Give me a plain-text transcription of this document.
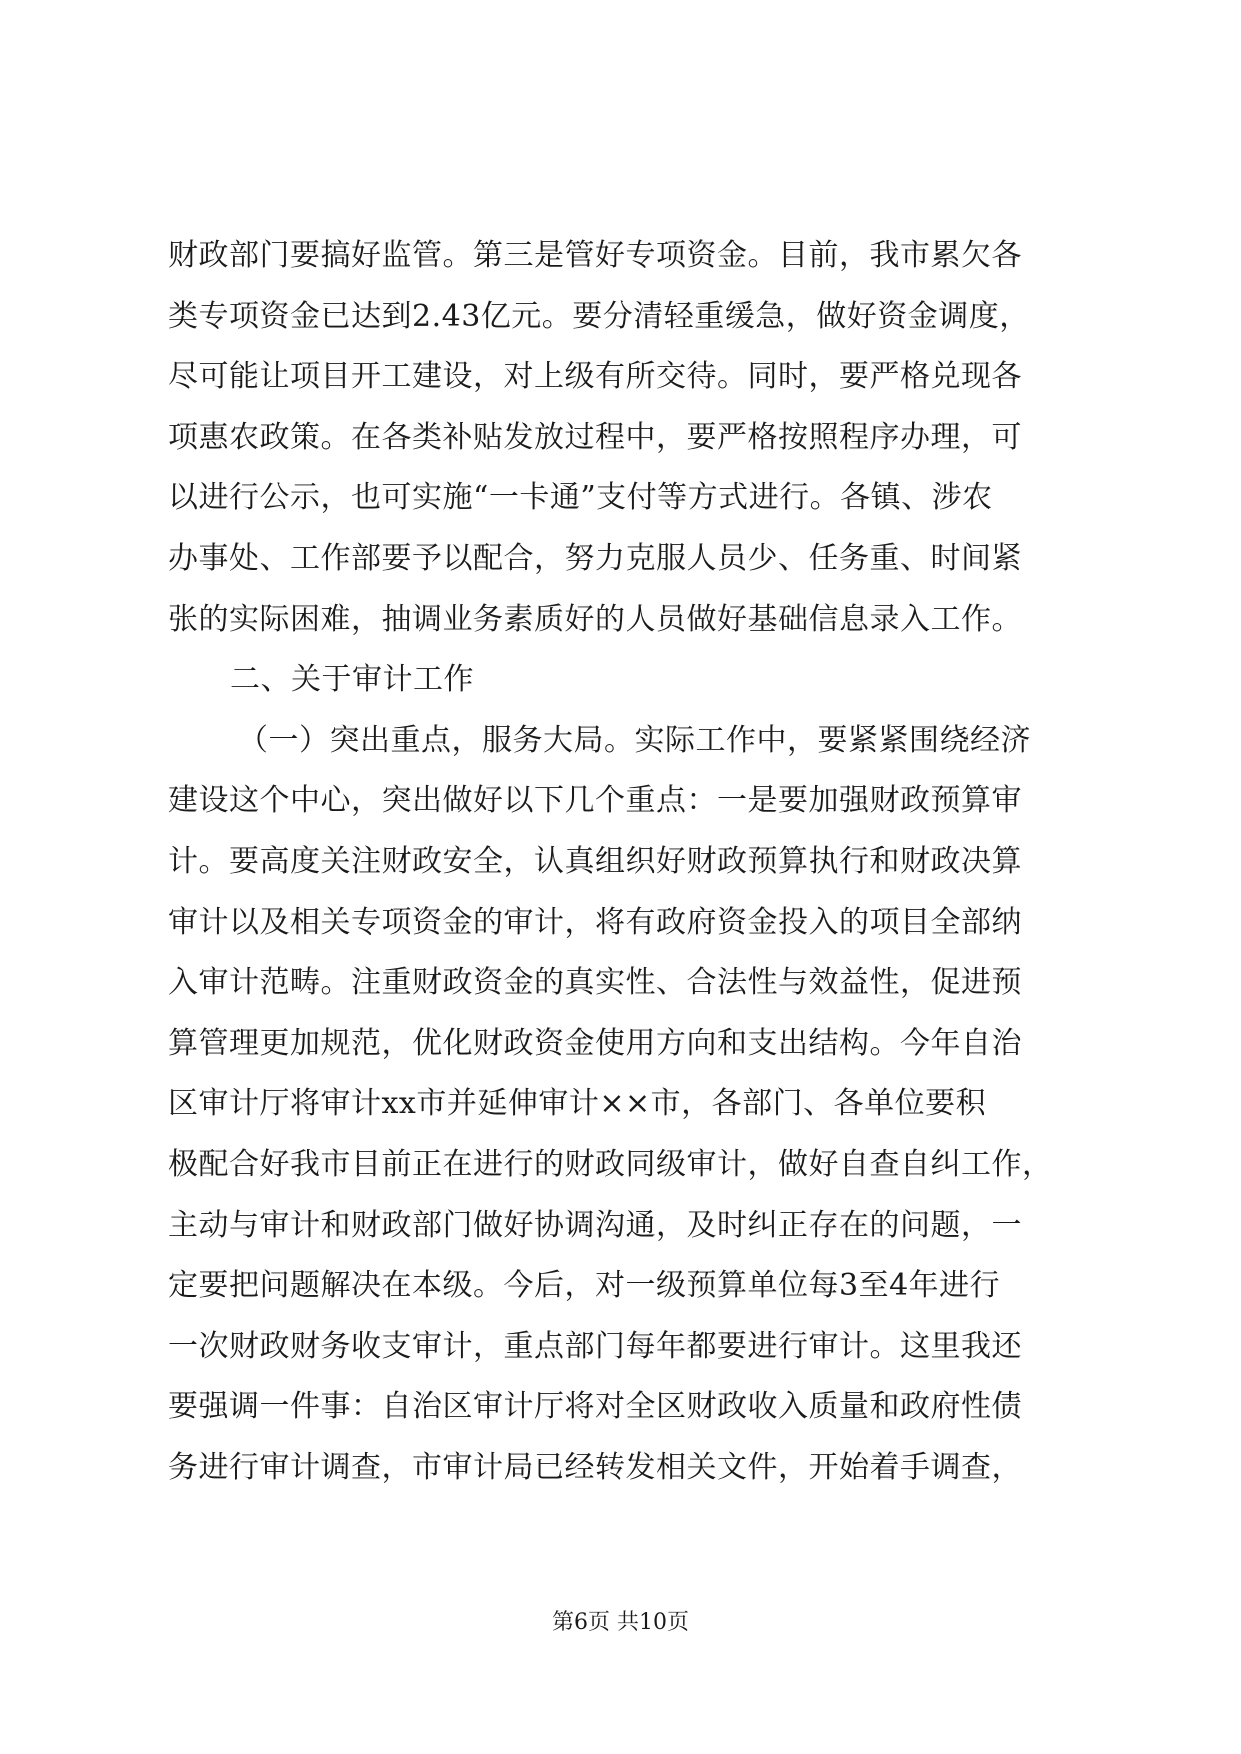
财政部门要搞好监管。第三是管好专项资金。目前，我市累欠各
类专项资金已达到2.43亿元。要分清轻重缓急，做好资金调度，
尽可能让项目开工建设，对上级有所交待。同时，要严格兑现各
项惠农政策。在各类补贴发放过程中，要严格按照程序办理，可
以进行公示，也可实施“一卡通”支付等方式进行。各镇、涉农
办事处、工作部要予以配合，努力克服人员少、任务重、时间紧
张的实际困难，抽调业务素质好的人员做好基础信息录入工作。
二、关于审计工作
（一）突出重点，服务大局。实际工作中，要紧紧围绕经济
建设这个中心，突出做好以下几个重点：一是要加强财政预算审
计。要高度关注财政安全，认真组织好财政预算执行和财政决算
审计以及相关专项资金的审计，将有政府资金投入的项目全部纳
入审计范畴。注重财政资金的真实性、合法性与效益性，促进预
算管理更加规范，优化财政资金使用方向和支出结构。今年自治
区审计厅将审计xx市并延伸审计××市，各部门、各单位要积
极配合好我市目前正在进行的财政同级审计，做好自查自纠工作，
主动与审计和财政部门做好协调沟通，及时纠正存在的问题，一
定要把问题解决在本级。今后，对一级预算单位每3至4年进行
一次财政财务收支审计，重点部门每年都要进行审计。这里我还
要强调一件事：自治区审计厅将对全区财政收入质量和政府性债
务进行审计调查，市审计局已经转发相关文件，开始着手调查，
第6页 共10页
